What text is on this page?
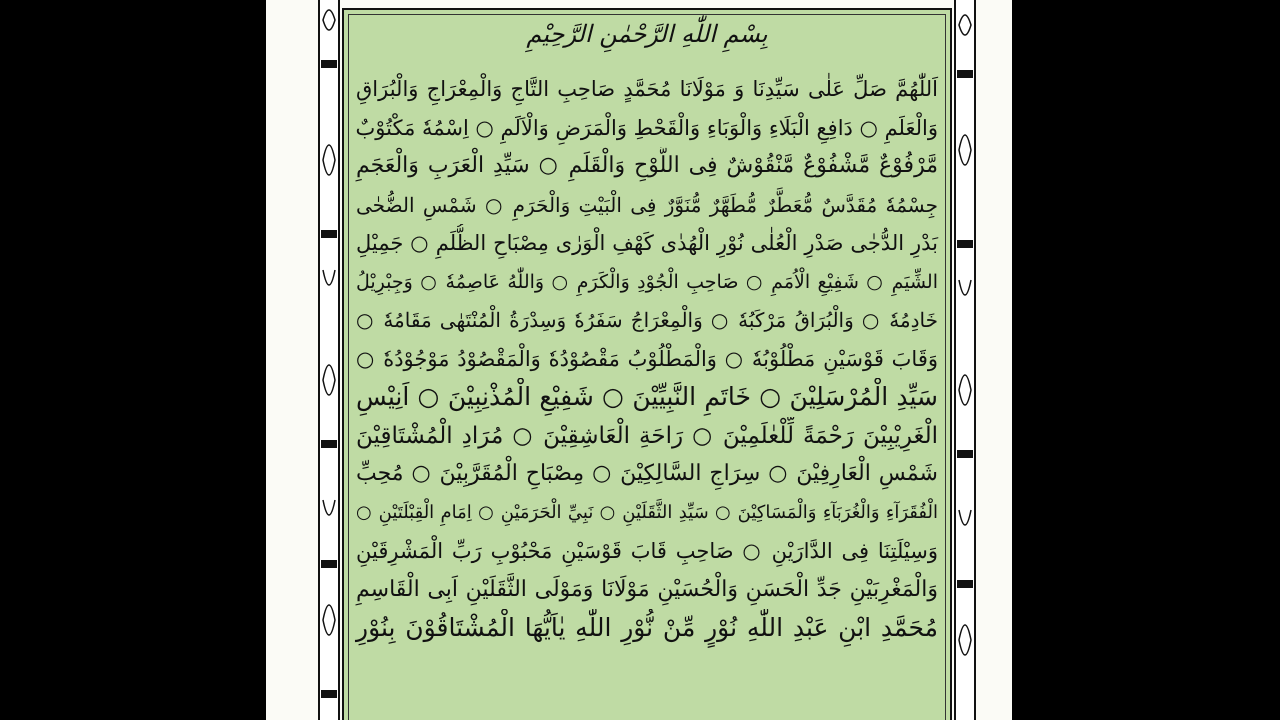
بِسْمِ اللّٰهِ الرَّحْمٰنِ الرَّحِيْمِ
اَللّٰهُمَّ صَلِّ عَلٰى سَيِّدِنَا وَ مَوْلَانَا مُحَمَّدٍ صَاحِبِ التَّاجِ وَالْمِعْرَاجِ وَالْبُرَاقِ
وَالْعَلَمِ ○ دَافِعِ الْبَلَاءِ وَالْوَبَاءِ وَالْقَحْطِ وَالْمَرَضِ وَالْاَلَمِ ○ اِسْمُهٗ مَكْتُوْبٌ
مَّرْفُوْعٌ مَّشْفُوْعٌ مَّنْقُوْشٌ فِى اللَّوْحِ وَالْقَلَمِ ○ سَيِّدِ الْعَرَبِ وَالْعَجَمِ
جِسْمُهٗ مُقَدَّسٌ مُّعَطَّرٌ مُّطَهَّرٌ مُّنَوَّرٌ فِى الْبَيْتِ وَالْحَرَمِ ○ شَمْسِ الضُّحٰى
بَدْرِ الدُّجٰى صَدْرِ الْعُلٰى نُوْرِ الْهُدٰى كَهْفِ الْوَرٰى مِصْبَاحِ الظُّلَمِ ○ جَمِيْلِ
الشِّيَمِ ○ شَفِيْعِ الْاُمَمِ ○ صَاحِبِ الْجُوْدِ وَالْكَرَمِ ○ وَاللّٰهُ عَاصِمُهٗ ○ وَجِبْرِيْلُ
خَادِمُهٗ ○ وَالْبُرَاقُ مَرْكَبُهٗ ○ وَالْمِعْرَاجُ سَفَرُهٗ وَسِدْرَةُ الْمُنْتَهٰى مَقَامُهٗ ○
وَقَابَ قَوْسَيْنِ مَطْلُوْبُهٗ ○ وَالْمَطْلُوْبُ مَقْصُوْدُهٗ وَالْمَقْصُوْدُ مَوْجُوْدُهٗ ○
سَيِّدِ الْمُرْسَلِيْنَ ○ خَاتَمِ النَّبِيِّيْنَ ○ شَفِيْعِ الْمُذْنِبِيْنَ ○ اَنِيْسِ
الْغَرِيْبِيْنَ رَحْمَةً لِّلْعٰلَمِيْنَ ○ رَاحَةِ الْعَاشِقِيْنَ ○ مُرَادِ الْمُشْتَاقِيْنَ
شَمْسِ الْعَارِفِيْنَ ○ سِرَاجِ السَّالِكِيْنَ ○ مِصْبَاحِ الْمُقَرَّبِيْنَ ○ مُحِبِّ
الْفُقَرَآءِ وَالْغُرَبَآءِ وَالْمَسَاكِيْنَ ○ سَيِّدِ الثَّقَلَيْنِ ○ نَبِيِّ الْحَرَمَيْنِ ○ اِمَامِ الْقِبْلَتَيْنِ ○
وَسِيْلَتِنَا فِى الدَّارَيْنِ ○ صَاحِبِ قَابَ قَوْسَيْنِ مَحْبُوْبِ رَبِّ الْمَشْرِقَيْنِ
وَالْمَغْرِبَيْنِ جَدِّ الْحَسَنِ وَالْحُسَيْنِ مَوْلَانَا وَمَوْلَى الثَّقَلَيْنِ اَبِى الْقَاسِمِ
مُحَمَّدِ ابْنِ عَبْدِ اللّٰهِ نُوْرٍ مِّنْ نُّوْرِ اللّٰهِ يٰاَيُّهَا الْمُشْتَاقُوْنَ بِنُوْرِ
